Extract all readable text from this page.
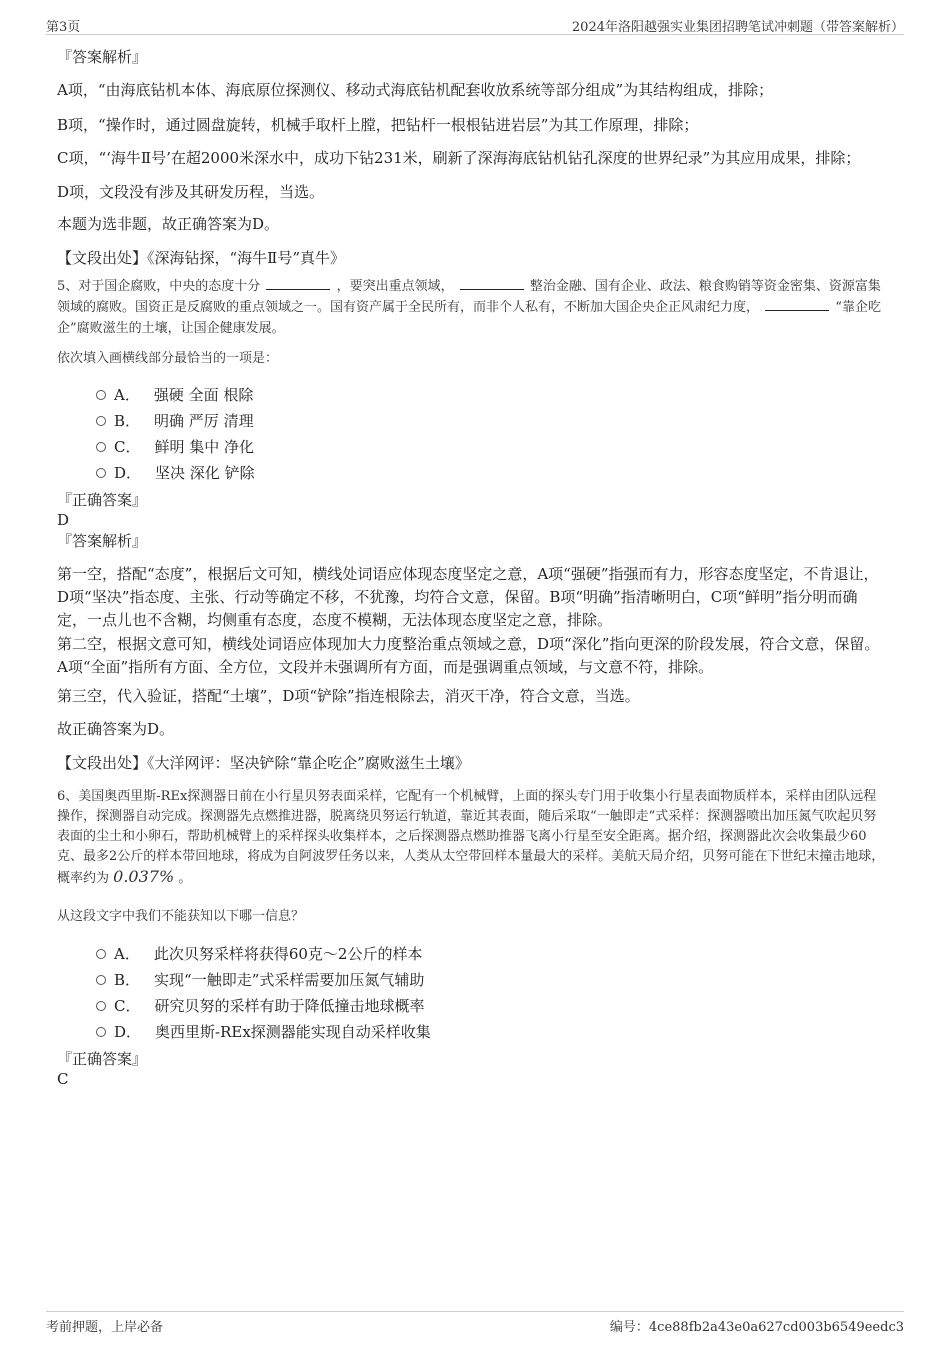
第3页	2024年洛阳越强实业集团招聘笔试冲刺题（带答案解析）
『答案解析』
A项，“由海底钻机本体、海底原位探测仪、移动式海底钻机配套收放系统等部分组成”为其结构组成，排除；
B项，“操作时，通过圆盘旋转，机械手取杆上膛，把钻杆一根根钻进岩层”为其工作原理，排除；
C项，“‘海牛Ⅱ号’在超2000米深水中，成功下钻231米，刷新了深海海底钻机钻孔深度的世界纪录”为其应用成果，排除；
D项，文段没有涉及其研发历程，当选。
本题为选非题，故正确答案为D。
【文段出处】《深海钻探，“海牛Ⅱ号”真牛》
5、对于国企腐败，中央的态度十分	，要突出重点领域，	整治金融、国有企业、政法、粮食购销等资金密集、资源富集领域的腐败。国资正是反腐败的重点领域之一。国有资产属于全民所有，而非个人私有，不断加大国企央企正风肃纪力度，	“靠企吃企”腐败滋生的土壤，让国企健康发展。
依次填入画横线部分最恰当的一项是：
A． 强硬 全面 根除
B． 明确 严厉 清理
C． 鲜明 集中 净化
D． 坚决 深化 铲除
『正确答案』
D
『答案解析』
第一空，搭配“态度”，根据后文可知，横线处词语应体现态度坚定之意，A项“强硬”指强而有力，形容态度坚定，不肯退让，D项“坚决”指态度、主张、行动等确定不移，不犹豫，均符合文意，保留。B项“明确”指清晰明白，C项“鲜明”指分明而确定，一点儿也不含糊，均侧重有态度，态度不模糊，无法体现态度坚定之意，排除。
第二空，根据文意可知，横线处词语应体现加大力度整治重点领域之意，D项“深化”指向更深的阶段发展，符合文意，保留。A项“全面”指所有方面、全方位，文段并未强调所有方面，而是强调重点领域，与文意不符，排除。
第三空，代入验证，搭配“土壤”，D项“铲除”指连根除去，消灭干净，符合文意，当选。
故正确答案为D。
【文段出处】《大洋网评：坚决铲除“靠企吃企”腐败滋生土壤》
6、美国奥西里斯-REx探测器日前在小行星贝努表面采样，它配有一个机械臂，上面的探头专门用于收集小行星表面物质样本，采样由团队远程操作，探测器自动完成。探测器先点燃推进器，脱离绕贝努运行轨道，靠近其表面，随后采取“一触即走”式采样：探测器喷出加压氮气吹起贝努表面的尘土和小卵石，帮助机械臂上的采样探头收集样本，之后探测器点燃助推器飞离小行星至安全距离。据介绍，探测器此次会收集最少60克、最多2公斤的样本带回地球，将成为自阿波罗任务以来，人类从太空带回样本量最大的采样。美航天局介绍，贝努可能在下世纪末撞击地球，概率约为 0.037% 。
从这段文字中我们不能获知以下哪一信息？
A． 此次贝努采样将获得60克～2公斤的样本
B． 实现“一触即走”式采样需要加压氮气辅助
C． 研究贝努的采样有助于降低撞击地球概率
D． 奥西里斯-REx探测器能实现自动采样收集
『正确答案』
C
考前押题，上岸必备	编号：4ce88fb2a43e0a627cd003b6549eedc3
